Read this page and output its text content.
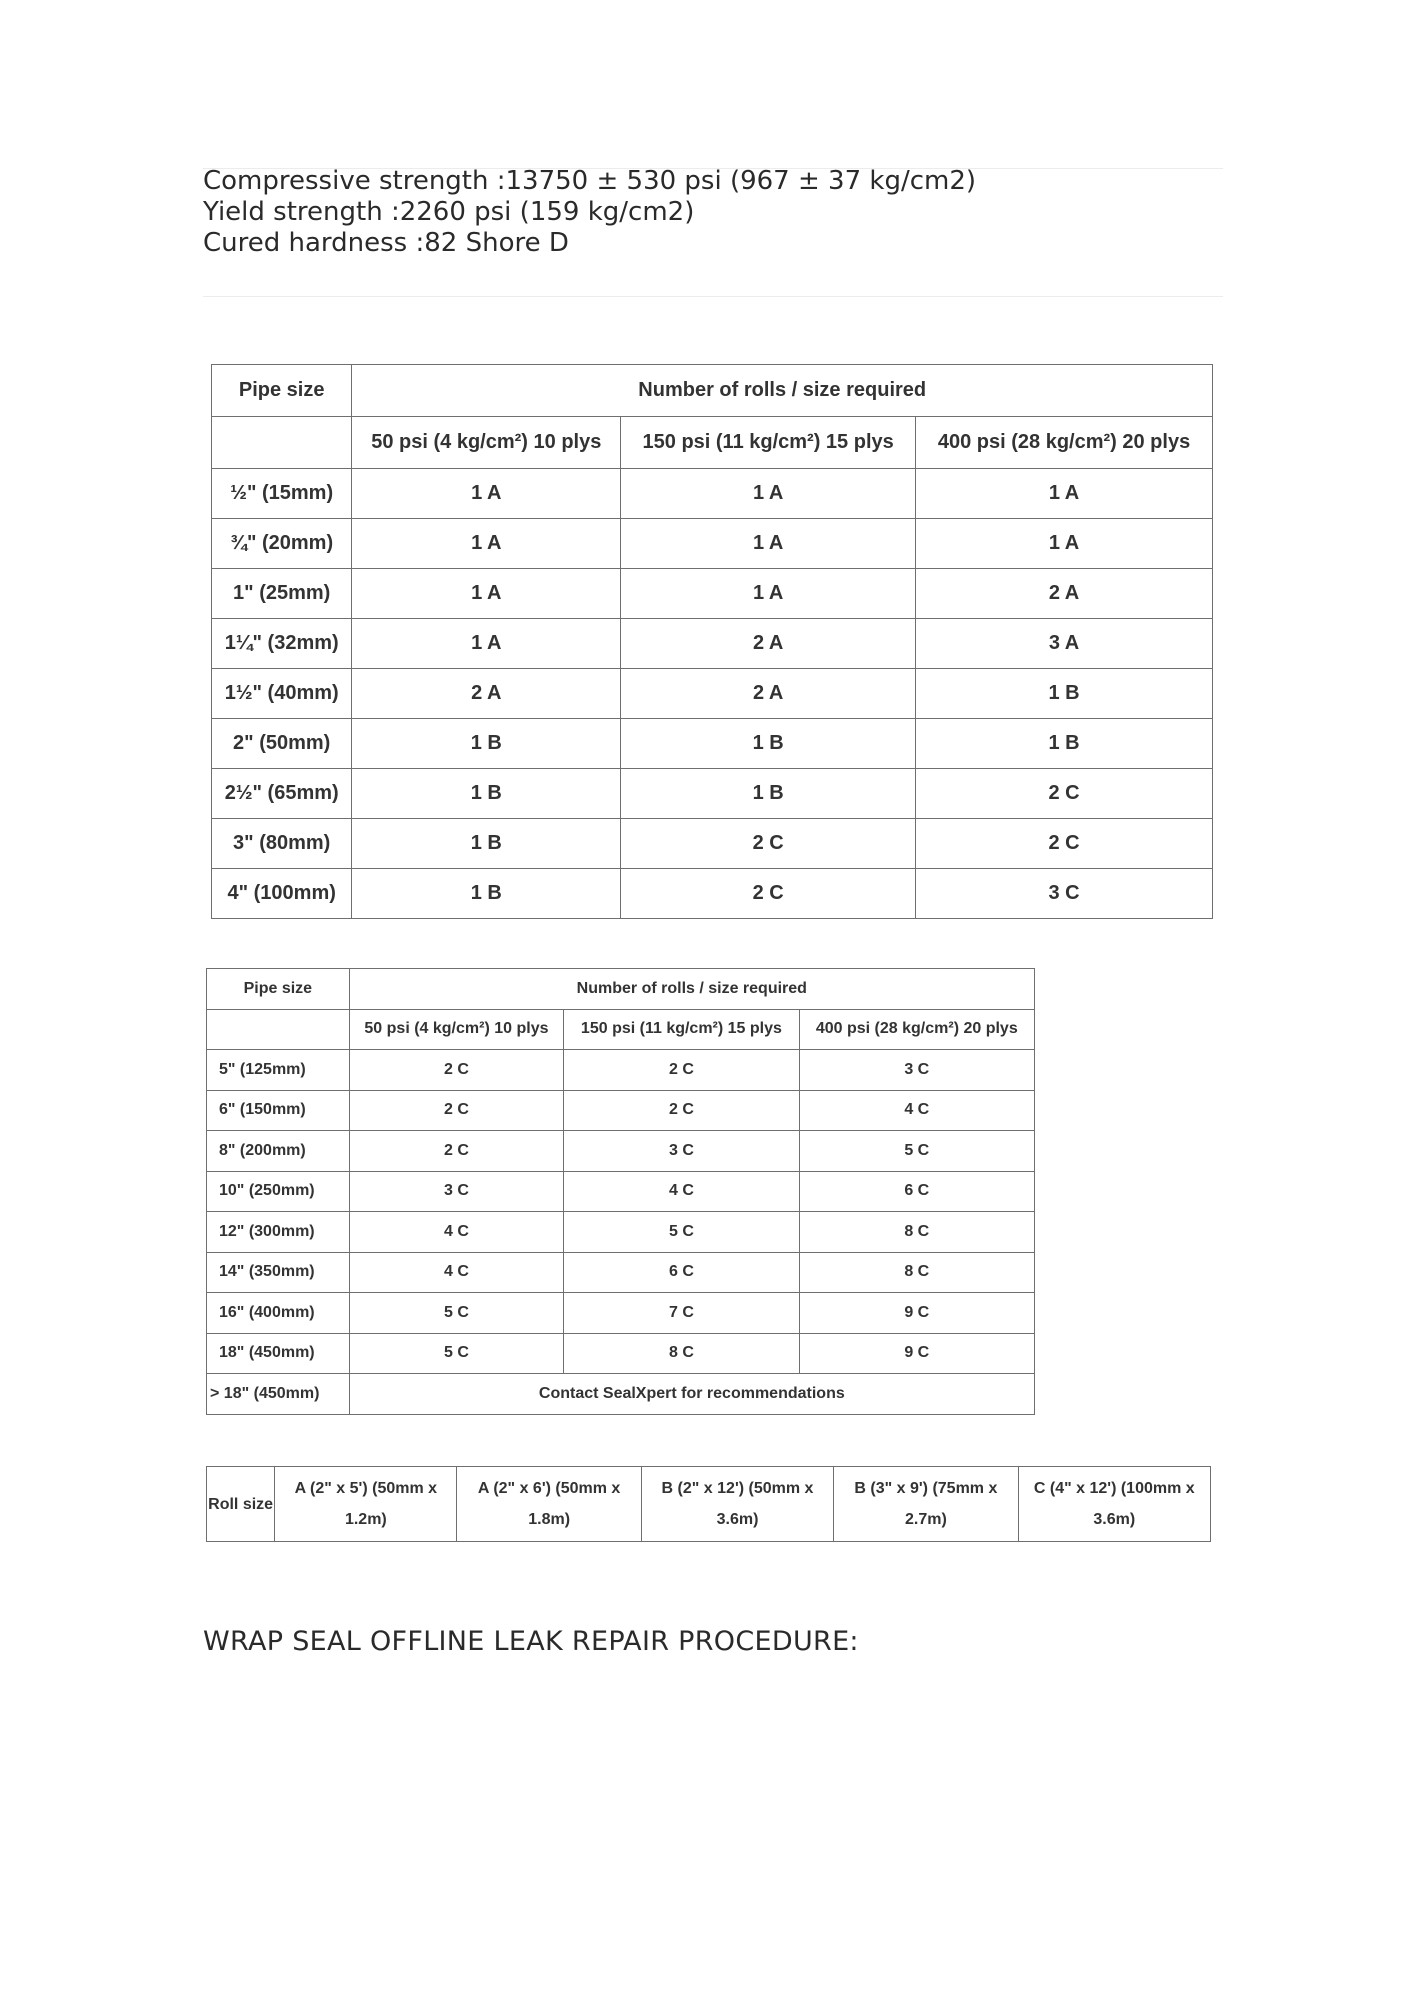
Compressive strength :13750 ± 530 psi (967 ± 37 kg/cm2)
Yield strength :2260 psi (159 kg/cm2)
Cured hardness :82 Shore D
Pipe size	Number of rolls / size required		
	50 psi (4 kg/cm²) 10 plys	150 psi (11 kg/cm²) 15 plys	400 psi (28 kg/cm²) 20 plys
½" (15mm)	1 A	1 A	1 A
¾" (20mm)	1 A	1 A	1 A
1" (25mm)	1 A	1 A	2 A
1¼" (32mm)	1 A	2 A	3 A
1½" (40mm)	2 A	2 A	1 B
2" (50mm)	1 B	1 B	1 B
2½" (65mm)	1 B	1 B	2 C
3" (80mm)	1 B	2 C	2 C
4" (100mm)	1 B	2 C	3 C
Pipe size	Number of rolls / size required		
	50 psi (4 kg/cm²) 10 plys	150 psi (11 kg/cm²) 15 plys	400 psi (28 kg/cm²) 20 plys
5" (125mm)	2 C	2 C	3 C
6" (150mm)	2 C	2 C	4 C
8" (200mm)	2 C	3 C	5 C
10" (250mm)	3 C	4 C	6 C
12" (300mm)	4 C	5 C	8 C
14" (350mm)	4 C	6 C	8 C
16" (400mm)	5 C	7 C	9 C
18" (450mm)	5 C	8 C	9 C
> 18" (450mm)	Contact SealXpert for recommendations		
Roll size	A (2" x 5') (50mm x 1.2m)	A (2" x 6') (50mm x 1.8m)	B (2" x 12') (50mm x 3.6m)	B (3" x 9') (75mm x 2.7m)	C (4" x 12') (100mm x 3.6m)
WRAP SEAL OFFLINE LEAK REPAIR PROCEDURE:
